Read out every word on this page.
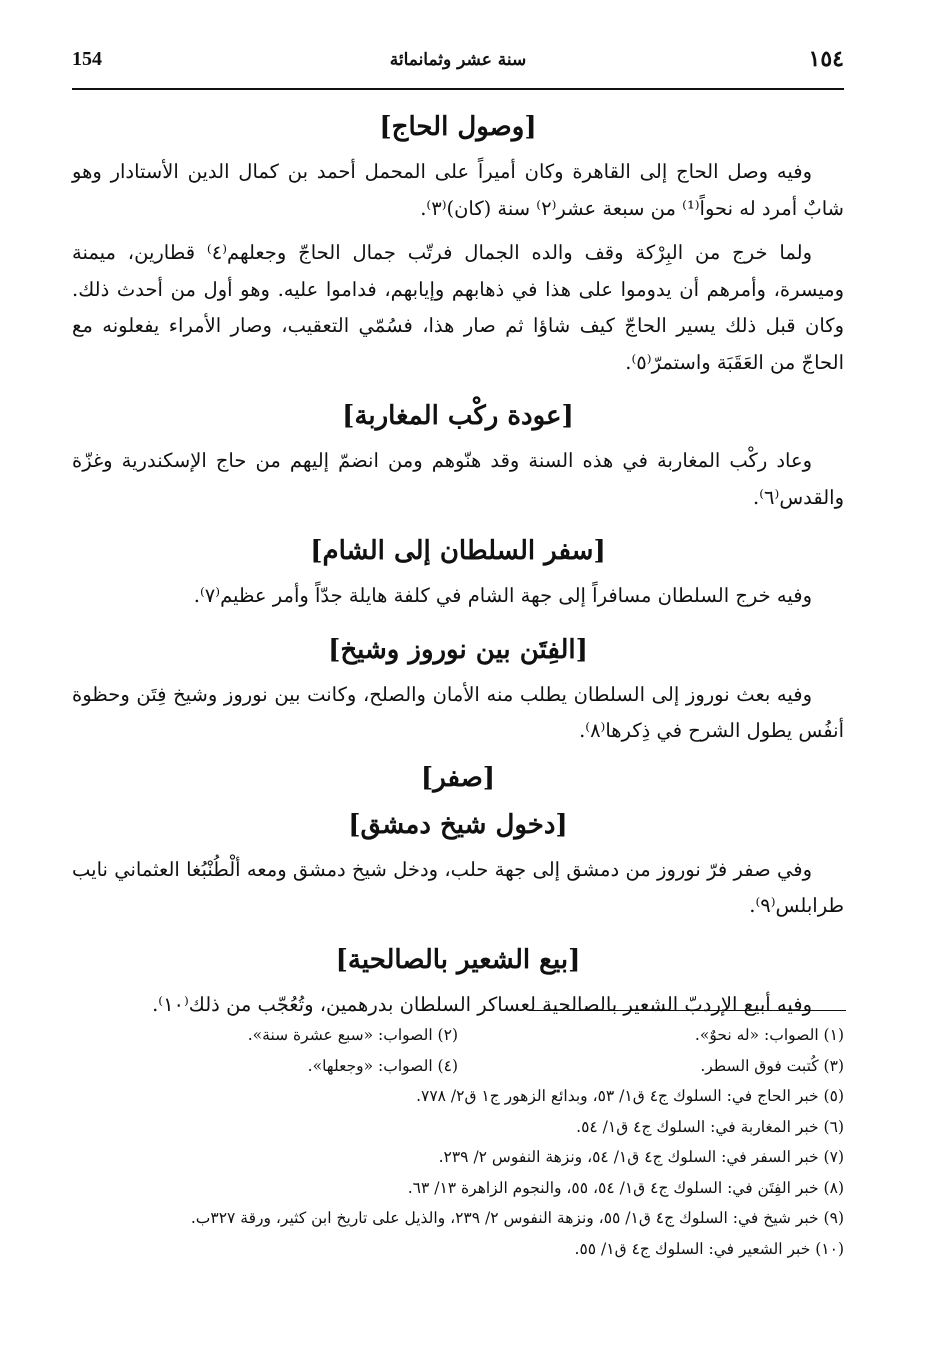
154	سنة عشر وثمانمائة	١٥٤
[وصول الحاج]

وفيه وصل الحاج إلى القاهرة وكان أميراً على المحمل أحمد بن كمال الدين الأستادار وهو شابٌ أمرد له نحواً⁽¹⁾ من سبعة عشر⁽٢⁾ سنة (كان)⁽٣⁾.

ولما خرج من البِرْكة وقف والده الجمال فرتّب جمال الحاجّ وجعلهم⁽٤⁾ قطارين، ميمنة وميسرة، وأمرهم أن يدوموا على هذا في ذهابهم وإيابهم، فداموا عليه. وهو أول من أحدث ذلك. وكان قبل ذلك يسير الحاجّ كيف شاؤا ثم صار هذا، فسُمّي التعقيب، وصار الأمراء يفعلونه مع الحاجّ من العَقَبَة واستمرّ⁽٥⁾.

[عودة ركْب المغاربة]

وعاد ركْب المغاربة في هذه السنة وقد هنّوهم ومن انضمّ إليهم من حاج الإسكندرية وغزّة والقدس⁽٦⁾.

[سفر السلطان إلى الشام]

وفيه خرج السلطان مسافراً إلى جهة الشام في كلفة هايلة جدّاً وأمر عظيم⁽٧⁾.

[الفِتَن بين نوروز وشيخ]

وفيه بعث نوروز إلى السلطان يطلب منه الأمان والصلح، وكانت بين نوروز وشيخ فِتَن وحظوة أنفُس يطول الشرح في ذِكرها⁽٨⁾.

[صفر]
[دخول شيخ دمشق]

وفي صفر فرّ نوروز من دمشق إلى جهة حلب، ودخل شيخ دمشق ومعه ألْطُنْبُغا العثماني نايب طرابلس⁽٩⁾.

[بيع الشعير بالصالحية]

وفيه أبيع الإردبّ الشعير بالصالحية لعساكر السلطان بدرهمين، وتُعُجّب من ذلك⁽١٠⁾.

(١) الصواب: «له نحوٌ».
(٢) الصواب: «سبع عشرة سنة».
(٣) كُتبت فوق السطر.
(٤) الصواب: «وجعلها».
(٥) خبر الحاج في: السلوك ج٤ ق١/ ٥٣، وبدائع الزهور ج١ ق٢/ ٧٧٨.
(٦) خبر المغاربة في: السلوك ج٤ ق١/ ٥٤.
(٧) خبر السفر في: السلوك ج٤ ق١/ ٥٤، ونزهة النفوس ٢/ ٢٣٩.
(٨) خبر الفِتَن في: السلوك ج٤ ق١/ ٥٤، ٥٥، والنجوم الزاهرة ١٣/ ٦٣.
(٩) خبر شيخ في: السلوك ج٤ ق١/ ٥٥، ونزهة النفوس ٢/ ٢٣٩، والذيل على تاريخ ابن كثير، ورقة ٣٢٧ب.
(١٠) خبر الشعير في: السلوك ج٤ ق١/ ٥٥.
